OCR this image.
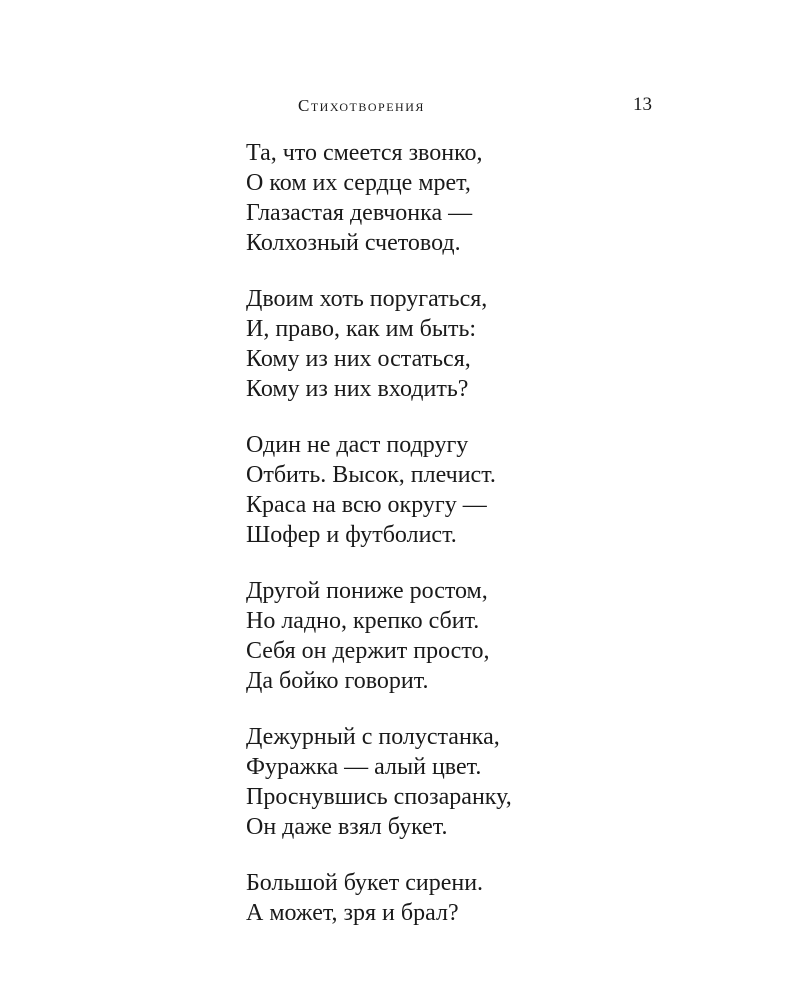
Стихотворения	13
Та, что смеется звонко,
О ком их сердце мрет,
Глазастая девчонка —
Колхозный счетовод.
Двоим хоть поругаться,
И, право, как им быть:
Кому из них остаться,
Кому из них входить?
Один не даст подругу
Отбить. Высок, плечист.
Краса на всю округу —
Шофер и футболист.
Другой пониже ростом,
Но ладно, крепко сбит.
Себя он держит просто,
Да бойко говорит.
Дежурный с полустанка,
Фуражка — алый цвет.
Проснувшись спозаранку,
Он даже взял букет.
Большой букет сирени.
А может, зря и брал?
